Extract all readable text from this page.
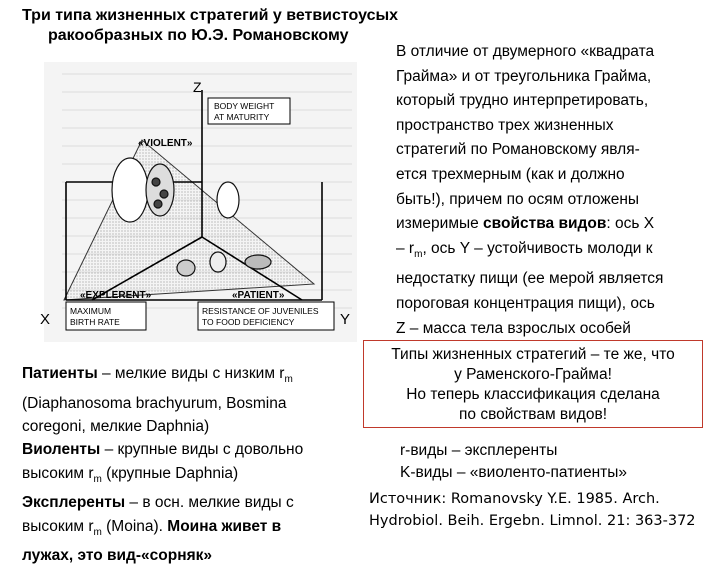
Три типа жизненных стратегий у ветвистоусых
ракообразных по Ю.Э. Романовскому
В отличие от двумерного «квадрата
Грайма» и от треугольника Грайма,
который трудно интерпретировать,
пространство трех жизненных
стратегий по Романовскому явля-
ется трехмерным (как и должно
быть!), причем по осям отложены
измеримые свойства видов: ось X
– $r_m$, ось Y – устойчивость молоди к
недостатку пищи (ее мерой является
пороговая концентрация пищи), ось
Z – масса тела взрослых особей
Z
BODY WEIGHT
AT MATURITY
«VIOLENT»
«EXPLERENT»	«PATIENT»
MAXIMUM
BIRTH RATE
RESISTANCE OF JUVENILES
TO FOOD DEFICIENCY
X	Y
Типы жизненных стратегий – те же, что
у Раменского-Грайма!
Но теперь классификация сделана
по свойствам видов!
r-виды – эксплеренты
K-виды – «виоленто-патиенты»
Источник: Romanovsky Y.E. 1985. Arch.
Hydrobiol. Beih. Ergebn. Limnol. 21: 363-372
Патиенты – мелкие виды с низким $r_m$
(Diaphanosoma brachyurum, Bosmina
coregoni, мелкие Daphnia)
Виоленты – крупные виды с довольно
высоким $r_m$ (крупные Daphnia)
Эксплеренты – в осн. мелкие виды с
высоким $r_m$ (Moina). Моина живет в
лужах, это вид-«сорняк»
